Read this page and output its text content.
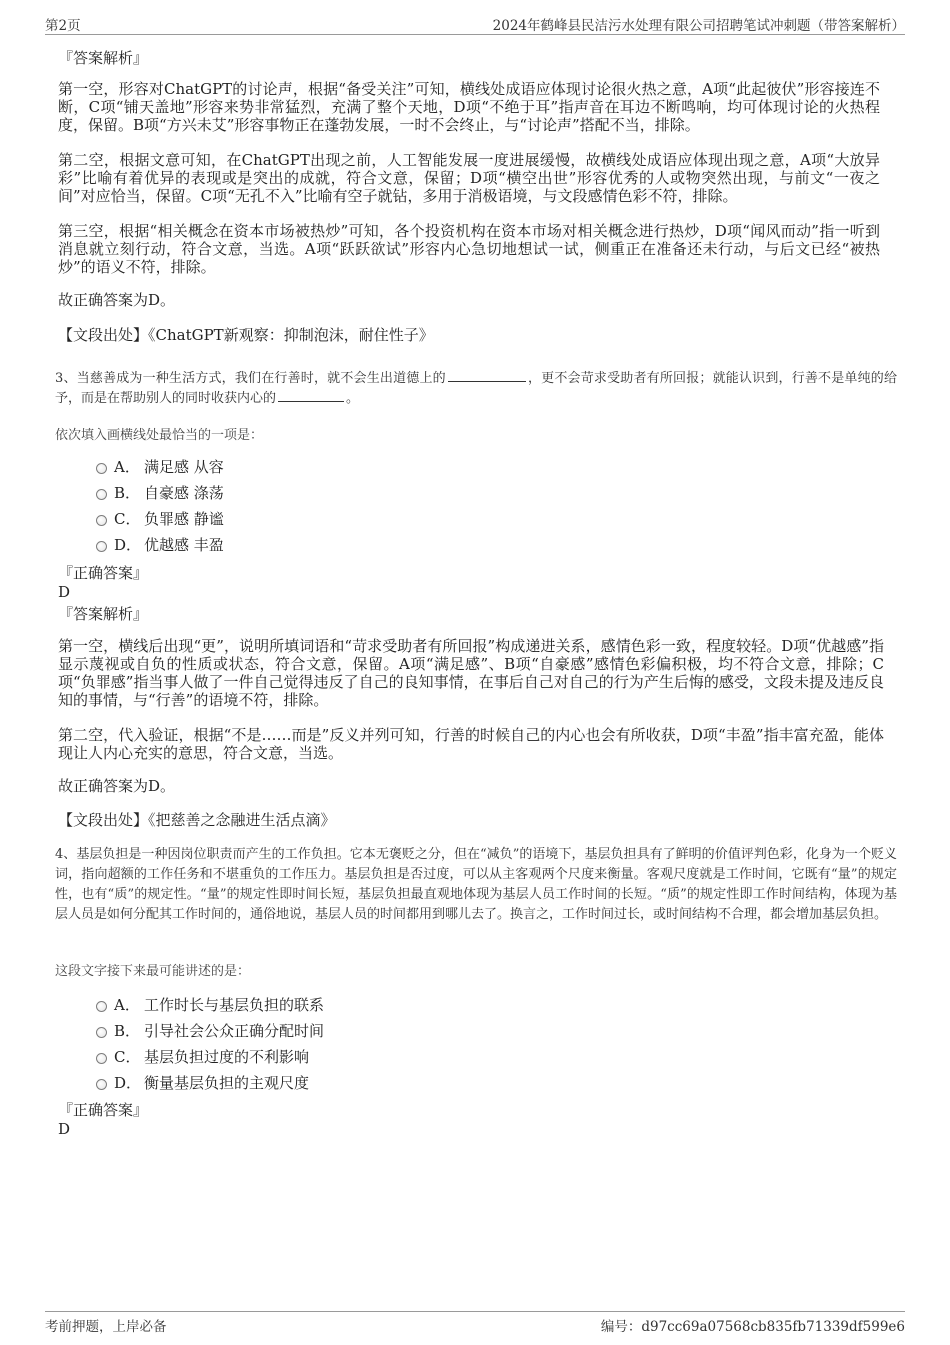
第2页	2024年鹤峰县民洁污水处理有限公司招聘笔试冲刺题（带答案解析）
『答案解析』
第一空，形容对ChatGPT的讨论声，根据“备受关注”可知，横线处成语应体现讨论很火热之意，A项“此起彼伏”形容接连不断，C项“铺天盖地”形容来势非常猛烈，充满了整个天地，D项“不绝于耳”指声音在耳边不断鸣响，均可体现讨论的火热程度，保留。B项“方兴未艾”形容事物正在蓬勃发展，一时不会终止，与“讨论声”搭配不当，排除。
第二空，根据文意可知，在ChatGPT出现之前，人工智能发展一度进展缓慢，故横线处成语应体现出现之意，A项“大放异彩”比喻有着优异的表现或是突出的成就，符合文意，保留；D项“横空出世”形容优秀的人或物突然出现，与前文“一夜之间”对应恰当，保留。C项“无孔不入”比喻有空子就钻，多用于消极语境，与文段感情色彩不符，排除。
第三空，根据“相关概念在资本市场被热炒”可知，各个投资机构在资本市场对相关概念进行热炒，D项“闻风而动”指一听到消息就立刻行动，符合文意，当选。A项“跃跃欲试”形容内心急切地想试一试，侧重正在准备还未行动，与后文已经“被热炒”的语义不符，排除。
故正确答案为D。
【文段出处】《ChatGPT新观察：抑制泡沫，耐住性子》
3、当慈善成为一种生活方式，我们在行善时，就不会生出道德上的	，更不会苛求受助者有所回报；就能认识到，行善不是单纯的给予，而是在帮助别人的同时收获内心的	。
依次填入画横线处最恰当的一项是：
A． 满足感 从容
B． 自豪感 涤荡
C． 负罪感 静谧
D． 优越感 丰盈
『正确答案』
D
『答案解析』
第一空，横线后出现“更”，说明所填词语和“苛求受助者有所回报”构成递进关系，感情色彩一致，程度较轻。D项“优越感”指显示蔑视或自负的性质或状态，符合文意，保留。A项“满足感”、B项“自豪感”感情色彩偏积极，均不符合文意，排除；C项“负罪感”指当事人做了一件自己觉得违反了自己的良知事情，在事后自己对自己的行为产生后悔的感受，文段未提及违反良知的事情，与“行善”的语境不符，排除。
第二空，代入验证，根据“不是……而是”反义并列可知，行善的时候自己的内心也会有所收获，D项“丰盈”指丰富充盈，能体现让人内心充实的意思，符合文意，当选。
故正确答案为D。
【文段出处】《把慈善之念融进生活点滴》
4、基层负担是一种因岗位职责而产生的工作负担。它本无褒贬之分，但在“减负”的语境下，基层负担具有了鲜明的价值评判色彩，化身为一个贬义词，指向超额的工作任务和不堪重负的工作压力。基层负担是否过度，可以从主客观两个尺度来衡量。客观尺度就是工作时间，它既有“量”的规定性，也有“质”的规定性。“量”的规定性即时间长短，基层负担最直观地体现为基层人员工作时间的长短。“质”的规定性即工作时间结构，体现为基层人员是如何分配其工作时间的，通俗地说，基层人员的时间都用到哪儿去了。换言之，工作时间过长，或时间结构不合理，都会增加基层负担。
这段文字接下来最可能讲述的是：
A． 工作时长与基层负担的联系
B． 引导社会公众正确分配时间
C． 基层负担过度的不利影响
D． 衡量基层负担的主观尺度
『正确答案』
D
考前押题，上岸必备	编号：d97cc69a07568cb835fb71339df599e6
